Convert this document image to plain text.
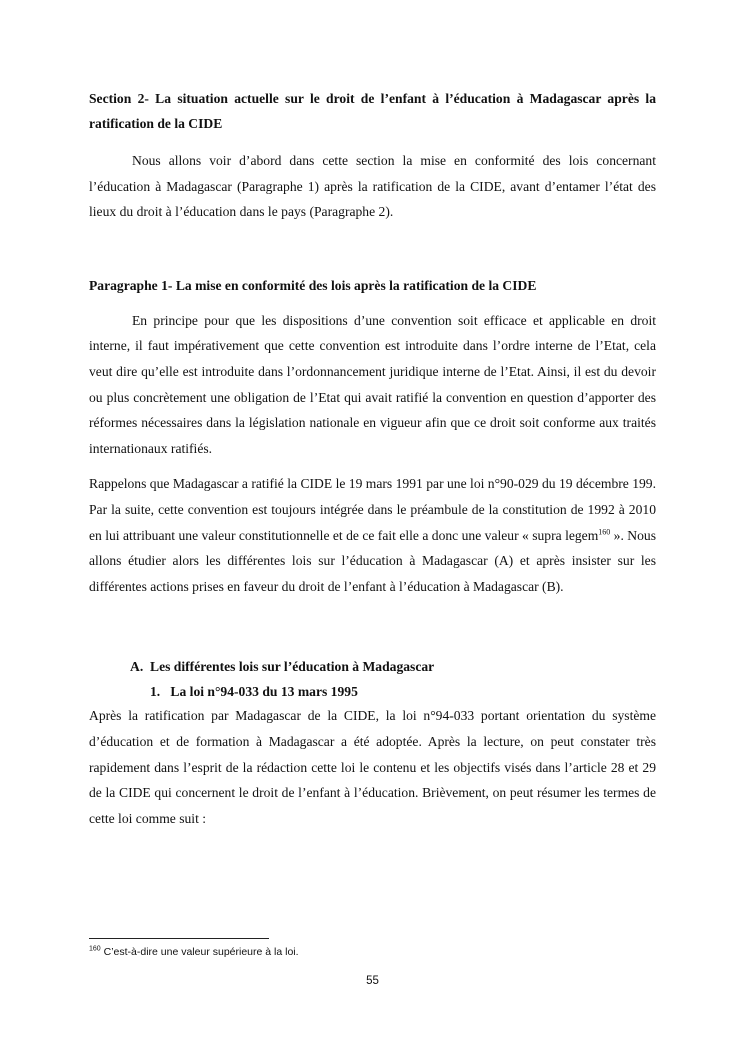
Section 2- La situation actuelle sur le droit de l’enfant à l’éducation à Madagascar après la ratification de la CIDE

Nous allons voir d’abord dans cette section la mise en conformité des lois concernant l’éducation à Madagascar (Paragraphe 1) après la ratification de la CIDE, avant d’entamer l’état des lieux du droit à l’éducation dans le pays (Paragraphe 2).

Paragraphe 1- La mise en conformité des lois après la ratification de la CIDE

En principe pour que les dispositions d’une convention soit efficace et applicable en droit interne, il faut impérativement que cette convention est introduite dans l’ordre interne de l’Etat, cela veut dire qu’elle est introduite dans l’ordonnancement juridique interne de l’Etat. Ainsi, il est du devoir ou plus concrètement une obligation de l’Etat qui avait ratifié la convention en question d’apporter des réformes nécessaires dans la législation nationale en vigueur afin que ce droit soit conforme aux traités internationaux ratifiés.

Rappelons que Madagascar a ratifié la CIDE le 19 mars 1991 par une loi n°90-029 du 19 décembre 199. Par la suite, cette convention est toujours intégrée dans le préambule de la constitution de 1992 à 2010 en lui attribuant une valeur constitutionnelle et de ce fait elle a donc une valeur « supra legem$^{160}$ ». Nous allons étudier alors les différentes lois sur l’éducation à Madagascar (A) et après insister sur les différentes actions prises en faveur du droit de l’enfant à l’éducation à Madagascar (B).

A. Les différentes lois sur l’éducation à Madagascar
1. La loi n°94-033 du 13 mars 1995

Après la ratification par Madagascar de la CIDE, la loi n°94-033 portant orientation du système d’éducation et de formation à Madagascar a été adoptée. Après la lecture, on peut constater très rapidement dans l’esprit de la rédaction cette loi le contenu et les objectifs visés dans l’article 28 et 29 de la CIDE qui concernent le droit de l’enfant à l’éducation. Brièvement, on peut résumer les termes de cette loi comme suit :

$^{160}$ C’est-à-dire une valeur supérieure à la loi.
55
